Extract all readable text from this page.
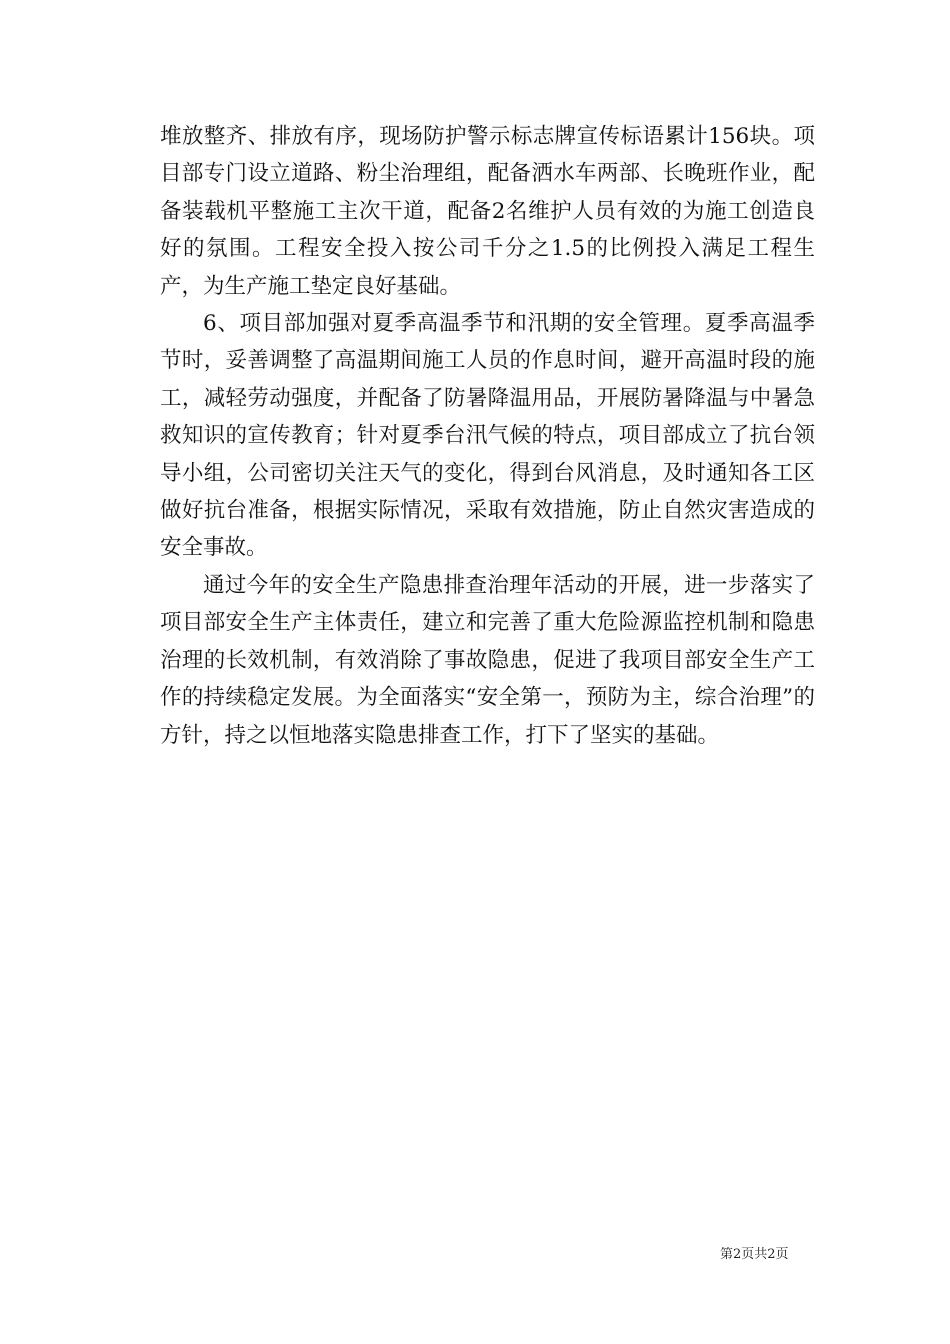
堆放整齐、排放有序，现场防护警示标志牌宣传标语累计156块。项目部专门设立道路、粉尘治理组，配备洒水车两部、长晚班作业，配备装载机平整施工主次干道，配备2名维护人员有效的为施工创造良好的氛围。工程安全投入按公司千分之1.5的比例投入满足工程生产，为生产施工垫定良好基础。

6、项目部加强对夏季高温季节和汛期的安全管理。夏季高温季节时，妥善调整了高温期间施工人员的作息时间，避开高温时段的施工，减轻劳动强度，并配备了防暑降温用品，开展防暑降温与中暑急救知识的宣传教育；针对夏季台汛气候的特点，项目部成立了抗台领导小组，公司密切关注天气的变化，得到台风消息，及时通知各工区做好抗台准备，根据实际情况，采取有效措施，防止自然灾害造成的安全事故。

通过今年的安全生产隐患排查治理年活动的开展，进一步落实了项目部安全生产主体责任，建立和完善了重大危险源监控机制和隐患治理的长效机制，有效消除了事故隐患，促进了我项目部安全生产工作的持续稳定发展。为全面落实“安全第一，预防为主，综合治理”的方针，持之以恒地落实隐患排查工作，打下了坚实的基础。

第2页共2页
